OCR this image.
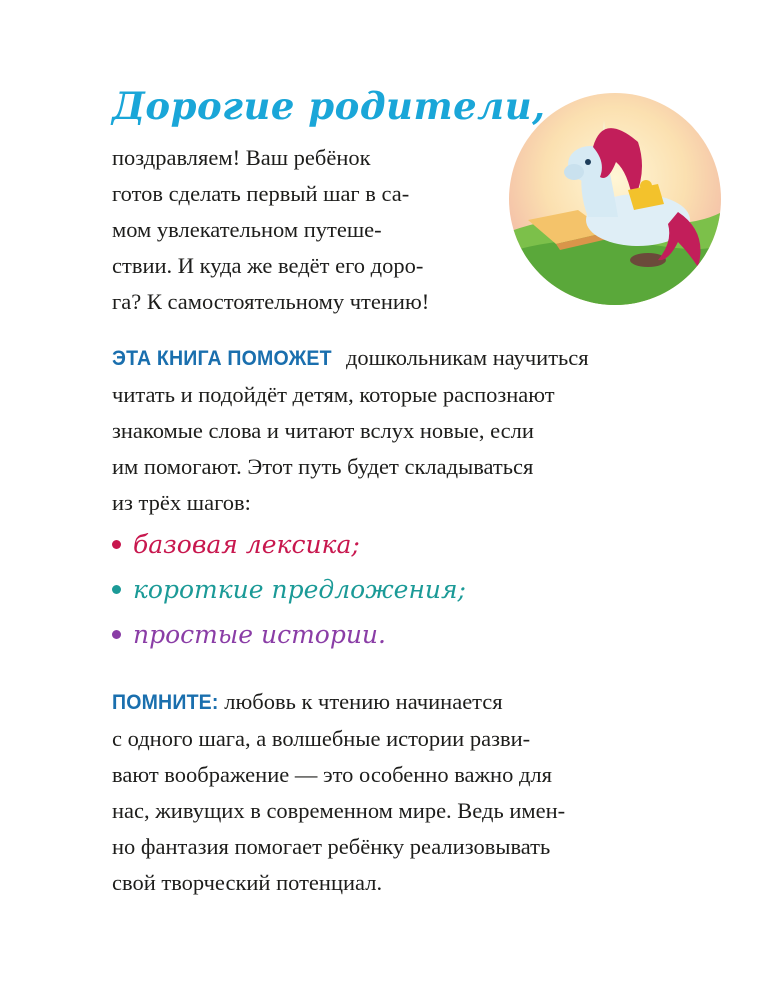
Дорогие родители,
поздравляем! Ваш ребёнок
готов сделать первый шаг в са-
мом увлекательном путеше-
ствии. И куда же ведёт его доро-
га? К самостоятельному чтению!
ЭТА КНИГА ПОМОЖЕТ дошкольникам научиться
читать и подойдёт детям, которые распознают
знакомые слова и читают вслух новые, если
им помогают. Этот путь будет складываться
из трёх шагов:
базовая лексика;
короткие предложения;
простые истории.
ПОМНИТЕ: любовь к чтению начинается
с одного шага, а волшебные истории разви-
вают воображение — это особенно важно для
нас, живущих в современном мире. Ведь имен-
но фантазия помогает ребёнку реализовывать
свой творческий потенциал.
